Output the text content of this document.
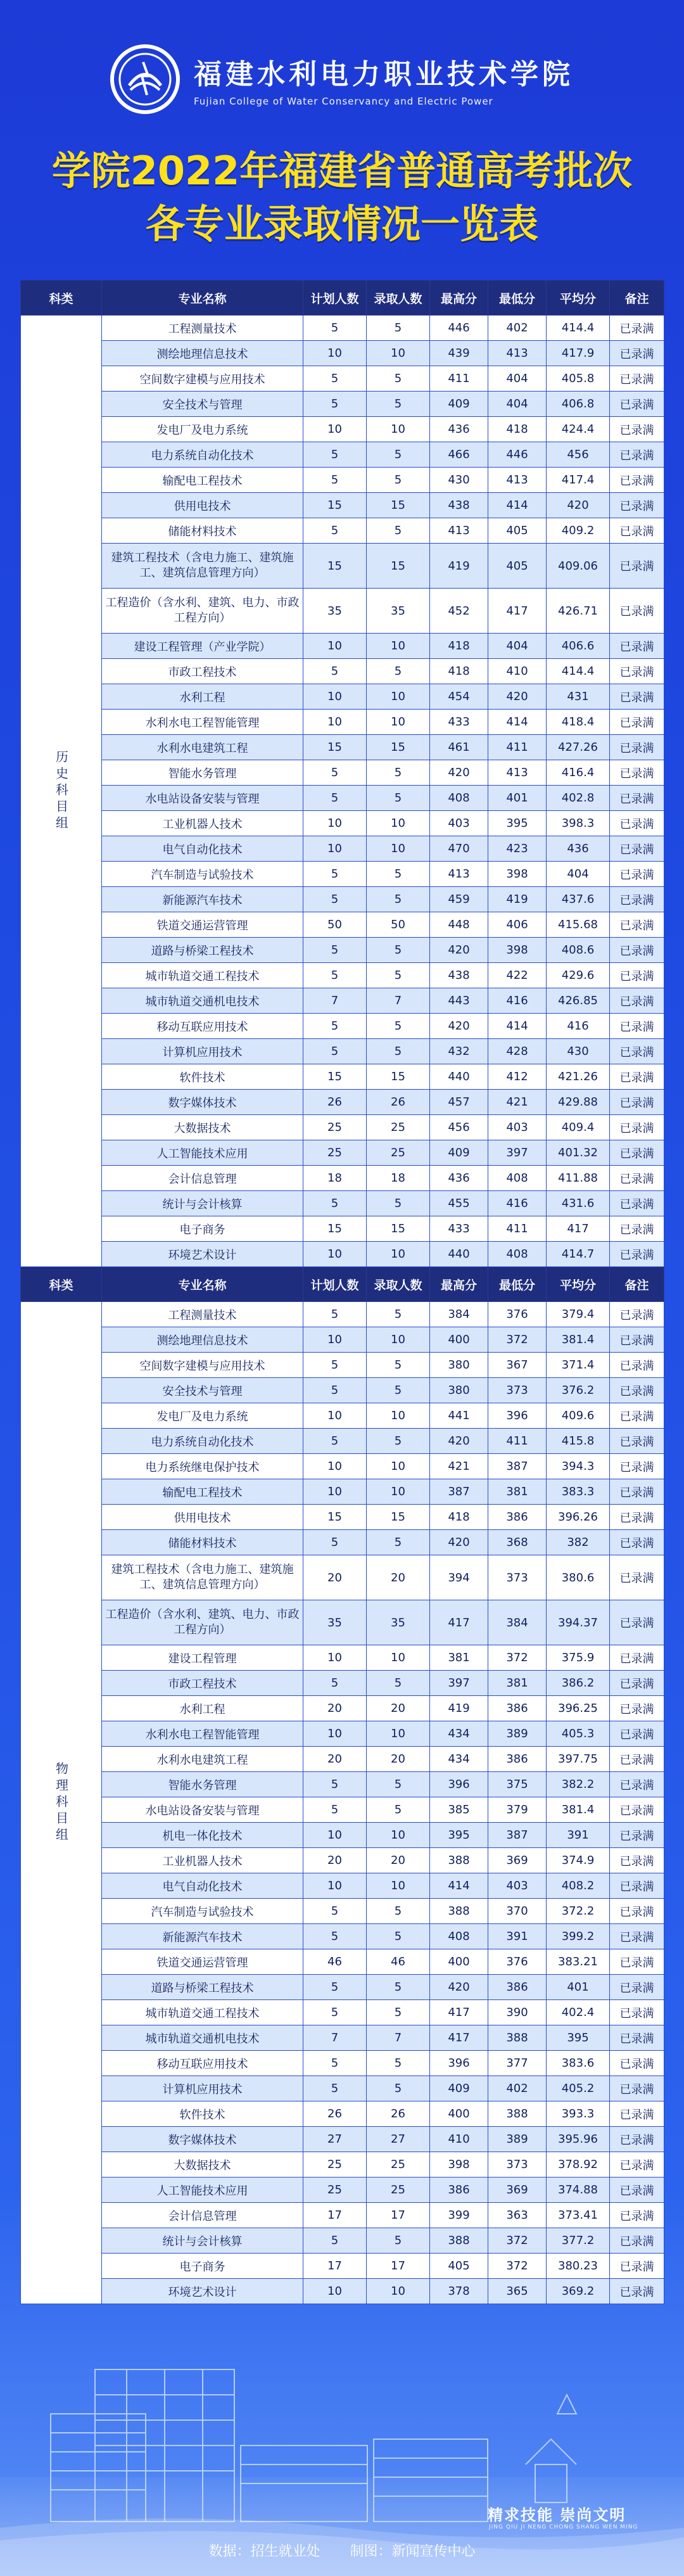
福建水利电力职业技术学院
Fujian College of Water Conservancy and Electric Power
学院2022年福建省普通高考批次
各专业录取情况一览表
科类	专业名称	计划人数	录取人数	最高分	最低分	平均分	备注
历史科目组	工程测量技术	5	5	446	402	414.4	已录满
	测绘地理信息技术	10	10	439	413	417.9	已录满
	空间数字建模与应用技术	5	5	411	404	405.8	已录满
	安全技术与管理	5	5	409	404	406.8	已录满
	发电厂及电力系统	10	10	436	418	424.4	已录满
	电力系统自动化技术	5	5	466	446	456	已录满
	输配电工程技术	5	5	430	413	417.4	已录满
	供用电技术	15	15	438	414	420	已录满
	储能材料技术	5	5	413	405	409.2	已录满
	建筑工程技术（含电力施工、建筑施工、建筑信息管理方向）	15	15	419	405	409.06	已录满
	工程造价（含水利、建筑、电力、市政工程方向）	35	35	452	417	426.71	已录满
	建设工程管理（产业学院）	10	10	418	404	406.6	已录满
	市政工程技术	5	5	418	410	414.4	已录满
	水利工程	10	10	454	420	431	已录满
	水利水电工程智能管理	10	10	433	414	418.4	已录满
	水利水电建筑工程	15	15	461	411	427.26	已录满
	智能水务管理	5	5	420	413	416.4	已录满
	水电站设备安装与管理	5	5	408	401	402.8	已录满
	工业机器人技术	10	10	403	395	398.3	已录满
	电气自动化技术	10	10	470	423	436	已录满
	汽车制造与试验技术	5	5	413	398	404	已录满
	新能源汽车技术	5	5	459	419	437.6	已录满
	铁道交通运营管理	50	50	448	406	415.68	已录满
	道路与桥梁工程技术	5	5	420	398	408.6	已录满
	城市轨道交通工程技术	5	5	438	422	429.6	已录满
	城市轨道交通机电技术	7	7	443	416	426.85	已录满
	移动互联应用技术	5	5	420	414	416	已录满
	计算机应用技术	5	5	432	428	430	已录满
	软件技术	15	15	440	412	421.26	已录满
	数字媒体技术	26	26	457	421	429.88	已录满
	大数据技术	25	25	456	403	409.4	已录满
	人工智能技术应用	25	25	409	397	401.32	已录满
	会计信息管理	18	18	436	408	411.88	已录满
	统计与会计核算	5	5	455	416	431.6	已录满
	电子商务	15	15	433	411	417	已录满
	环境艺术设计	10	10	440	408	414.7	已录满
科类	专业名称	计划人数	录取人数	最高分	最低分	平均分	备注
物理科目组	工程测量技术	5	5	384	376	379.4	已录满
	测绘地理信息技术	10	10	400	372	381.4	已录满
	空间数字建模与应用技术	5	5	380	367	371.4	已录满
	安全技术与管理	5	5	380	373	376.2	已录满
	发电厂及电力系统	10	10	441	396	409.6	已录满
	电力系统自动化技术	5	5	420	411	415.8	已录满
	电力系统继电保护技术	10	10	421	387	394.3	已录满
	输配电工程技术	10	10	387	381	383.3	已录满
	供用电技术	15	15	418	386	396.26	已录满
	储能材料技术	5	5	420	368	382	已录满
	建筑工程技术（含电力施工、建筑施工、建筑信息管理方向）	20	20	394	373	380.6	已录满
	工程造价（含水利、建筑、电力、市政工程方向）	35	35	417	384	394.37	已录满
	建设工程管理	10	10	381	372	375.9	已录满
	市政工程技术	5	5	397	381	386.2	已录满
	水利工程	20	20	419	386	396.25	已录满
	水利水电工程智能管理	10	10	434	389	405.3	已录满
	水利水电建筑工程	20	20	434	386	397.75	已录满
	智能水务管理	5	5	396	375	382.2	已录满
	水电站设备安装与管理	5	5	385	379	381.4	已录满
	机电一体化技术	10	10	395	387	391	已录满
	工业机器人技术	20	20	388	369	374.9	已录满
	电气自动化技术	10	10	414	403	408.2	已录满
	汽车制造与试验技术	5	5	388	370	372.2	已录满
	新能源汽车技术	5	5	408	391	399.2	已录满
	铁道交通运营管理	46	46	400	376	383.21	已录满
	道路与桥梁工程技术	5	5	420	386	401	已录满
	城市轨道交通工程技术	5	5	417	390	402.4	已录满
	城市轨道交通机电技术	7	7	417	388	395	已录满
	移动互联应用技术	5	5	396	377	383.6	已录满
	计算机应用技术	5	5	409	402	405.2	已录满
	软件技术	26	26	400	388	393.3	已录满
	数字媒体技术	27	27	410	389	395.96	已录满
	大数据技术	25	25	398	373	378.92	已录满
	人工智能技术应用	25	25	386	369	374.88	已录满
	会计信息管理	17	17	399	363	373.41	已录满
	统计与会计核算	5	5	388	372	377.2	已录满
	电子商务	17	17	405	372	380.23	已录满
	环境艺术设计	10	10	378	365	369.2	已录满
精求技能 崇尚文明
JING QIU JI NENG CHONG SHANG WEN MING
数据：招生就业处 制图：新闻宣传中心
